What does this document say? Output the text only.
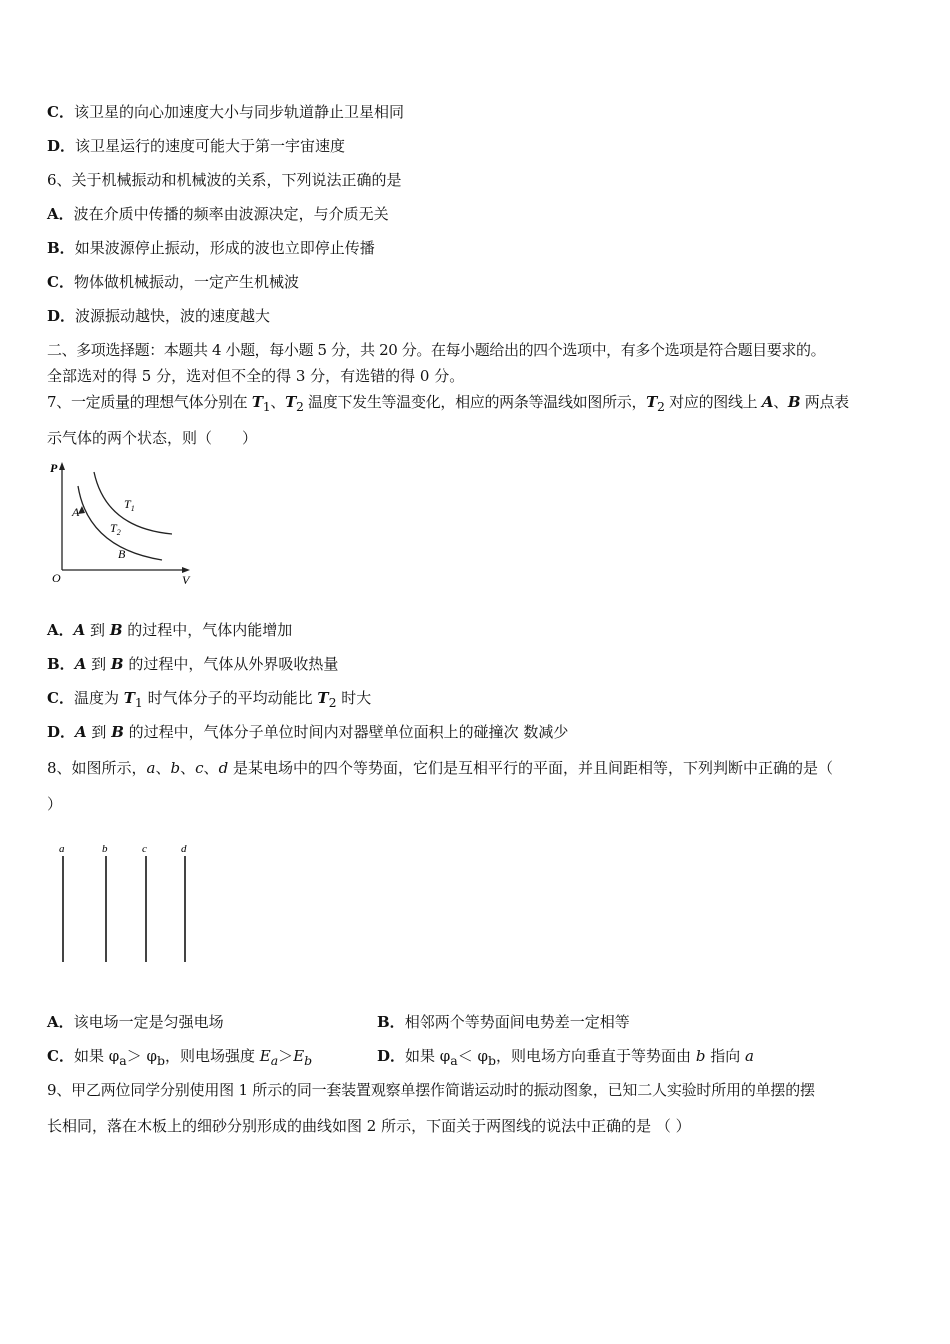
C．该卫星的向心加速度大小与同步轨道静止卫星相同
D．该卫星运行的速度可能大于第一宇宙速度
6、关于机械振动和机械波的关系，下列说法正确的是
A．波在介质中传播的频率由波源决定，与介质无关
B．如果波源停止振动，形成的波也立即停止传播
C．物体做机械振动，一定产生机械波
D．波源振动越快，波的速度越大
二、多项选择题：本题共 4 小题，每小题 5 分，共 20 分。在每小题给出的四个选项中，有多个选项是符合题目要求的。
全部选对的得 5 分，选对但不全的得 3 分，有选错的得 0 分。
7、一定质量的理想气体分别在 $T_1$、$T_2$ 温度下发生等温变化，相应的两条等温线如图所示，$T_2$ 对应的图线上 A、B 两点表
示气体的两个状态，则（　　）
P
V
O
$T_1$
$T_2$
A
B
A．A 到 B 的过程中，气体内能增加
B．A 到 B 的过程中，气体从外界吸收热量
C．温度为 $T_1$ 时气体分子的平均动能比 $T_2$ 时大
D．A 到 B 的过程中，气体分子单位时间内对器壁单位面积上的碰撞次 数减少
8、如图所示，a、b、c、d 是某电场中的四个等势面，它们是互相平行的平面，并且间距相等，下列判断中正确的是（
）
a	b	c	d
A．该电场一定是匀强电场	B．相邻两个等势面间电势差一定相等
C．如果 $\varphi_a> \varphi_b$，则电场强度 $E_a>E_b$	D．如果 $\varphi_a< \varphi_b$，则电场方向垂直于等势面由 b 指向 a
9、甲乙两位同学分别使用图 1 所示的同一套装置观察单摆作简谐运动时的振动图象，已知二人实验时所用的单摆的摆
长相同，落在木板上的细砂分别形成的曲线如图 2 所示，下面关于两图线的说法中正确的是 （ ）
